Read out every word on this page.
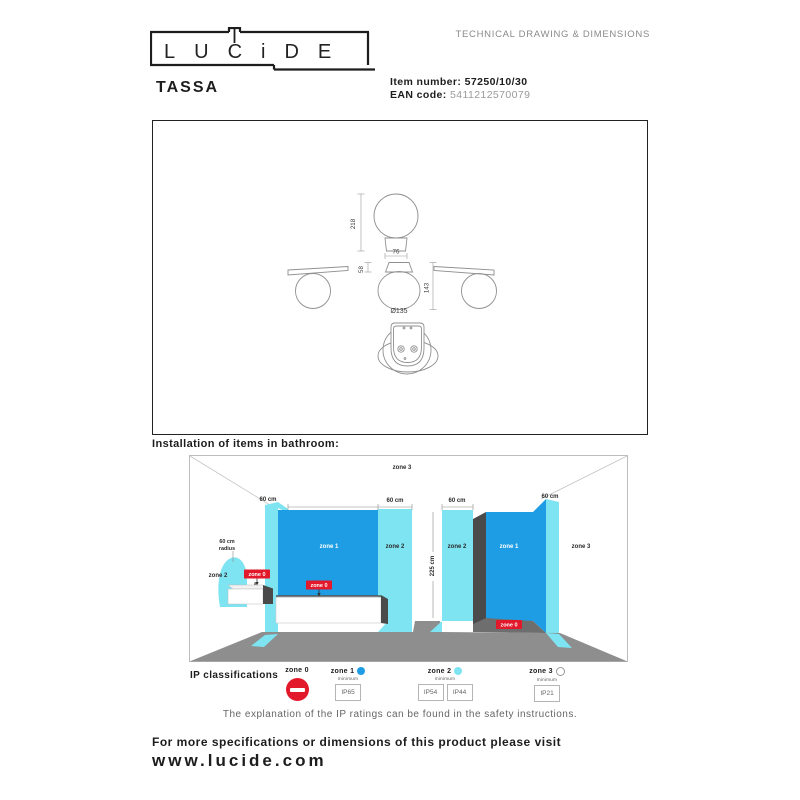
LUCiDE
TECHNICAL DRAWING & DIMENSIONS
TASSA	Item number: 57250/10/30
EAN code: 5411212570079
218
76
58
143
Ø135
Installation of items in bathroom:
zone 3
60 cm	60 cm	60 cm
60 cm
zone 1	zone 2	zone 2	zone 1	zone 3
zone 2	225 cm
60 cm
radius
zone 0
zone 0
zone 0
IP classifications zone 0	zone 1
minimum
IP65
zone 2
minimum
IP54	IP44
zone 3
minimum
IP21
The explanation of the IP ratings can be found in the safety instructions.
For more specifications or dimensions of this product please visit
www.lucide.com
